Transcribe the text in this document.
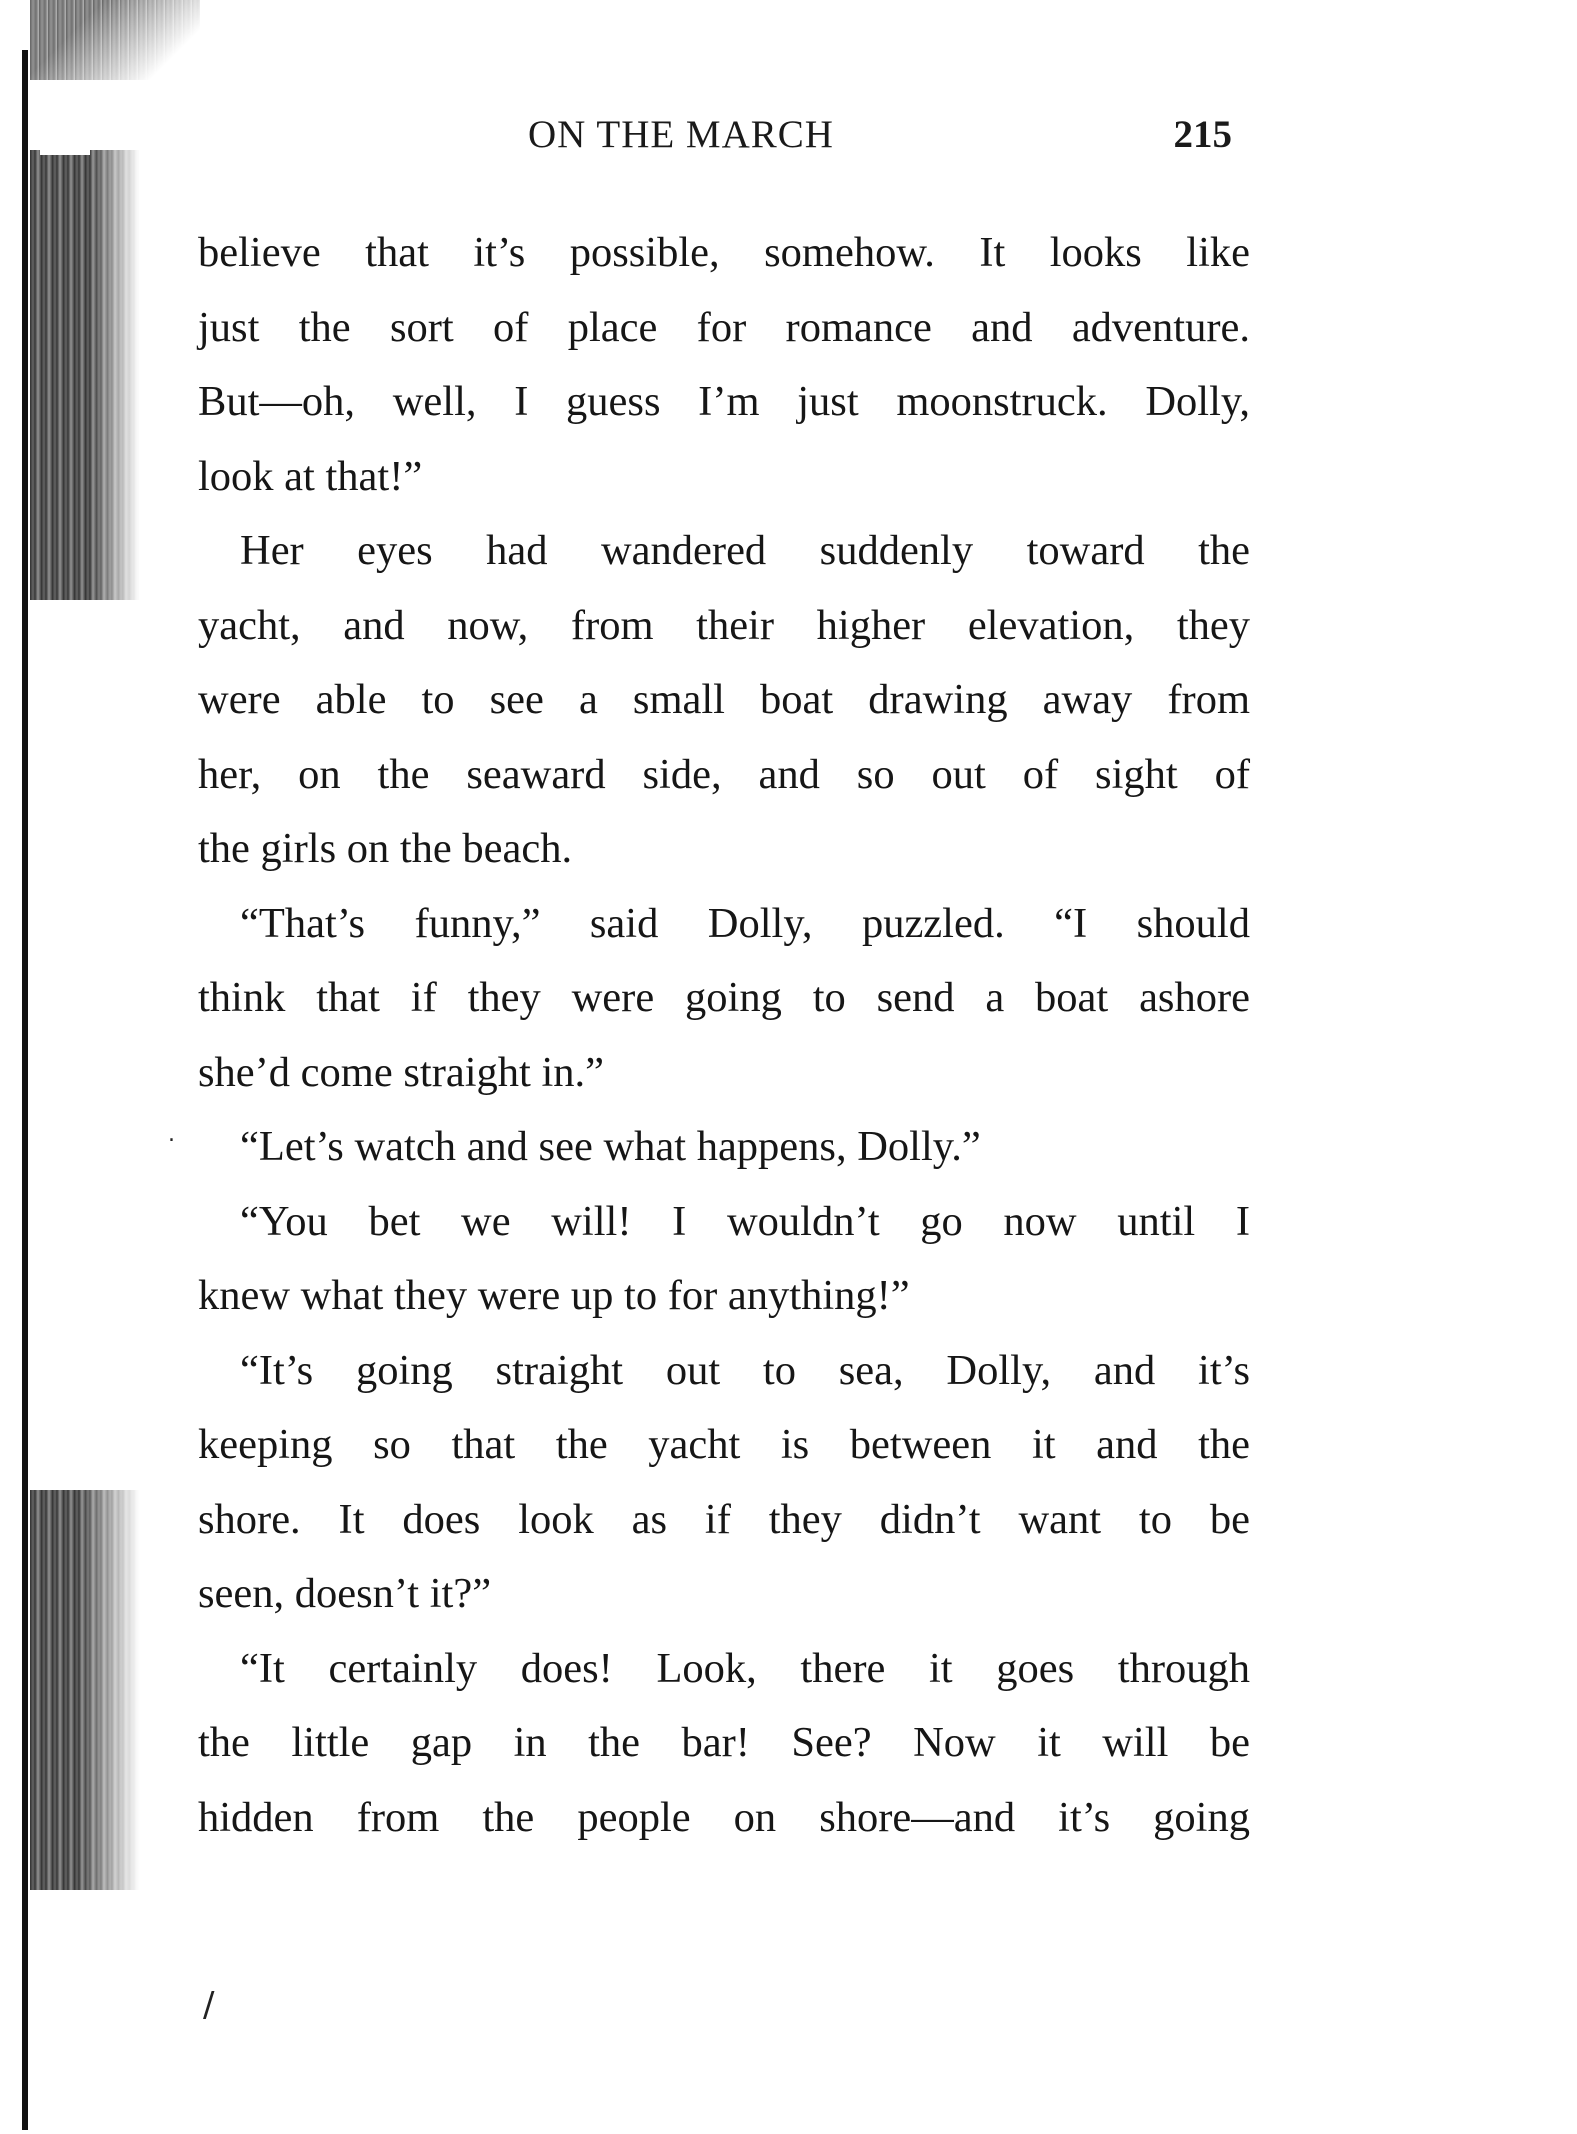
ON THE MARCH	215
believe that it’s possible, somehow. It looks like
just the sort of place for romance and adventure.
But—oh, well, I guess I’m just moonstruck. Dolly,
look at that!”
Her eyes had wandered suddenly toward the
yacht, and now, from their higher elevation, they
were able to see a small boat drawing away from
her, on the seaward side, and so out of sight of
the girls on the beach.
“That’s funny,” said Dolly, puzzled. “I should
think that if they were going to send a boat ashore
she’d come straight in.”
“Let’s watch and see what happens, Dolly.”
“You bet we will! I wouldn’t go now until I
knew what they were up to for anything!”
“It’s going straight out to sea, Dolly, and it’s
keeping so that the yacht is between it and the
shore. It does look as if they didn’t want to be
seen, doesn’t it?”
“It certainly does! Look, there it goes through
the little gap in the bar! See? Now it will be
hidden from the people on shore—and it’s going
/
.
